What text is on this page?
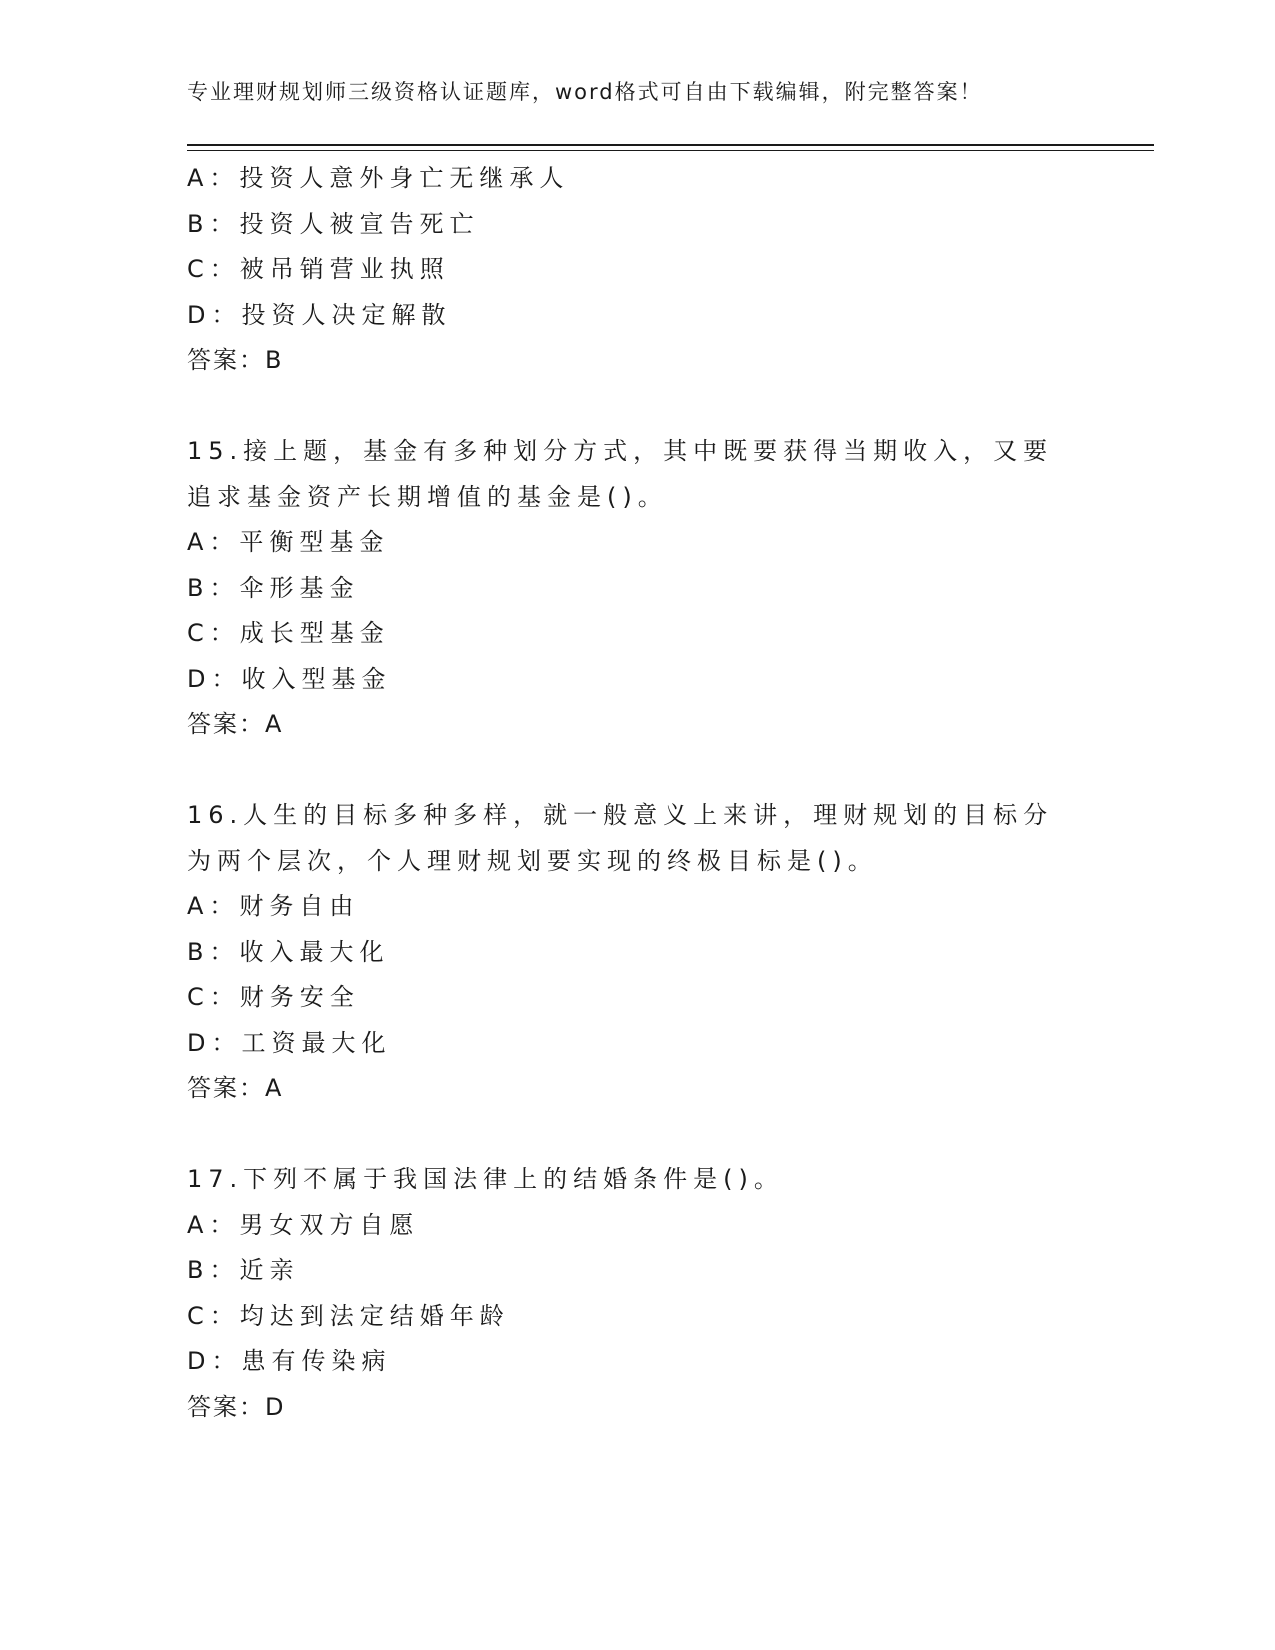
专业理财规划师三级资格认证题库，word格式可自由下载编辑，附完整答案！
A：投资人意外身亡无继承人
B：投资人被宣告死亡
C：被吊销营业执照
D：投资人决定解散
答案：B
15.接上题，基金有多种划分方式，其中既要获得当期收入，又要追求基金资产长期增值的基金是()。
A：平衡型基金
B：伞形基金
C：成长型基金
D：收入型基金
答案：A
16.人生的目标多种多样，就一般意义上来讲，理财规划的目标分为两个层次，个人理财规划要实现的终极目标是()。
A：财务自由
B：收入最大化
C：财务安全
D：工资最大化
答案：A
17.下列不属于我国法律上的结婚条件是()。
A：男女双方自愿
B：近亲
C：均达到法定结婚年龄
D：患有传染病
答案：D
